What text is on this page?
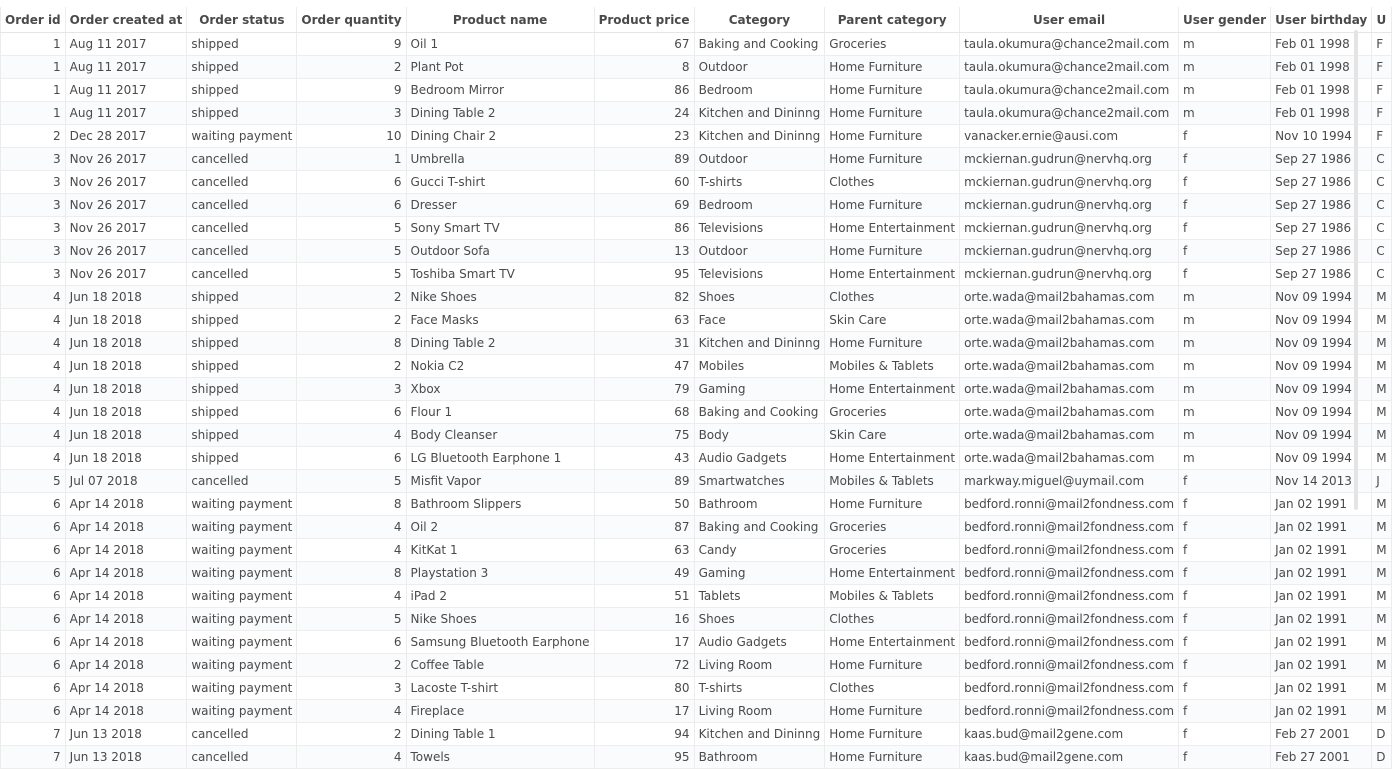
	Order id	Order created at	Order status	Order quantity	Product name	Product price	Category	Parent category	User email	User gender	User birthday	U
	1	Aug 11 2017	shipped	9	Oil 1	67	Baking and Cooking	Groceries	taula.okumura@chance2mail.com	m	Feb 01 1998	F
	1	Aug 11 2017	shipped	2	Plant Pot	8	Outdoor	Home Furniture	taula.okumura@chance2mail.com	m	Feb 01 1998	F
	1	Aug 11 2017	shipped	9	Bedroom Mirror	86	Bedroom	Home Furniture	taula.okumura@chance2mail.com	m	Feb 01 1998	F
	1	Aug 11 2017	shipped	3	Dining Table 2	24	Kitchen and Dininng	Home Furniture	taula.okumura@chance2mail.com	m	Feb 01 1998	F
	2	Dec 28 2017	waiting payment	10	Dining Chair 2	23	Kitchen and Dininng	Home Furniture	vanacker.ernie@ausi.com	f	Nov 10 1994	F
	3	Nov 26 2017	cancelled	1	Umbrella	89	Outdoor	Home Furniture	mckiernan.gudrun@nervhq.org	f	Sep 27 1986	C
	3	Nov 26 2017	cancelled	6	Gucci T-shirt	60	T-shirts	Clothes	mckiernan.gudrun@nervhq.org	f	Sep 27 1986	C
	3	Nov 26 2017	cancelled	6	Dresser	69	Bedroom	Home Furniture	mckiernan.gudrun@nervhq.org	f	Sep 27 1986	C
	3	Nov 26 2017	cancelled	5	Sony Smart TV	86	Televisions	Home Entertainment	mckiernan.gudrun@nervhq.org	f	Sep 27 1986	C
	3	Nov 26 2017	cancelled	5	Outdoor Sofa	13	Outdoor	Home Furniture	mckiernan.gudrun@nervhq.org	f	Sep 27 1986	C
	3	Nov 26 2017	cancelled	5	Toshiba Smart TV	95	Televisions	Home Entertainment	mckiernan.gudrun@nervhq.org	f	Sep 27 1986	C
	4	Jun 18 2018	shipped	2	Nike Shoes	82	Shoes	Clothes	orte.wada@mail2bahamas.com	m	Nov 09 1994	M
	4	Jun 18 2018	shipped	2	Face Masks	63	Face	Skin Care	orte.wada@mail2bahamas.com	m	Nov 09 1994	M
	4	Jun 18 2018	shipped	8	Dining Table 2	31	Kitchen and Dininng	Home Furniture	orte.wada@mail2bahamas.com	m	Nov 09 1994	M
	4	Jun 18 2018	shipped	2	Nokia C2	47	Mobiles	Mobiles & Tablets	orte.wada@mail2bahamas.com	m	Nov 09 1994	M
	4	Jun 18 2018	shipped	3	Xbox	79	Gaming	Home Entertainment	orte.wada@mail2bahamas.com	m	Nov 09 1994	M
	4	Jun 18 2018	shipped	6	Flour 1	68	Baking and Cooking	Groceries	orte.wada@mail2bahamas.com	m	Nov 09 1994	M
	4	Jun 18 2018	shipped	4	Body Cleanser	75	Body	Skin Care	orte.wada@mail2bahamas.com	m	Nov 09 1994	M
	4	Jun 18 2018	shipped	6	LG Bluetooth Earphone 1	43	Audio Gadgets	Home Entertainment	orte.wada@mail2bahamas.com	m	Nov 09 1994	M
	5	Jul 07 2018	cancelled	5	Misfit Vapor	89	Smartwatches	Mobiles & Tablets	markway.miguel@uymail.com	f	Nov 14 2013	J
	6	Apr 14 2018	waiting payment	8	Bathroom Slippers	50	Bathroom	Home Furniture	bedford.ronni@mail2fondness.com	f	Jan 02 1991	M
	6	Apr 14 2018	waiting payment	4	Oil 2	87	Baking and Cooking	Groceries	bedford.ronni@mail2fondness.com	f	Jan 02 1991	M
	6	Apr 14 2018	waiting payment	4	KitKat 1	63	Candy	Groceries	bedford.ronni@mail2fondness.com	f	Jan 02 1991	M
	6	Apr 14 2018	waiting payment	8	Playstation 3	49	Gaming	Home Entertainment	bedford.ronni@mail2fondness.com	f	Jan 02 1991	M
	6	Apr 14 2018	waiting payment	4	iPad 2	51	Tablets	Mobiles & Tablets	bedford.ronni@mail2fondness.com	f	Jan 02 1991	M
	6	Apr 14 2018	waiting payment	5	Nike Shoes	16	Shoes	Clothes	bedford.ronni@mail2fondness.com	f	Jan 02 1991	M
	6	Apr 14 2018	waiting payment	6	Samsung Bluetooth Earphone	17	Audio Gadgets	Home Entertainment	bedford.ronni@mail2fondness.com	f	Jan 02 1991	M
	6	Apr 14 2018	waiting payment	2	Coffee Table	72	Living Room	Home Furniture	bedford.ronni@mail2fondness.com	f	Jan 02 1991	M
	6	Apr 14 2018	waiting payment	3	Lacoste T-shirt	80	T-shirts	Clothes	bedford.ronni@mail2fondness.com	f	Jan 02 1991	M
	6	Apr 14 2018	waiting payment	4	Fireplace	17	Living Room	Home Furniture	bedford.ronni@mail2fondness.com	f	Jan 02 1991	M
	7	Jun 13 2018	cancelled	2	Dining Table 1	94	Kitchen and Dininng	Home Furniture	kaas.bud@mail2gene.com	f	Feb 27 2001	D
	7	Jun 13 2018	cancelled	4	Towels	95	Bathroom	Home Furniture	kaas.bud@mail2gene.com	f	Feb 27 2001	D
